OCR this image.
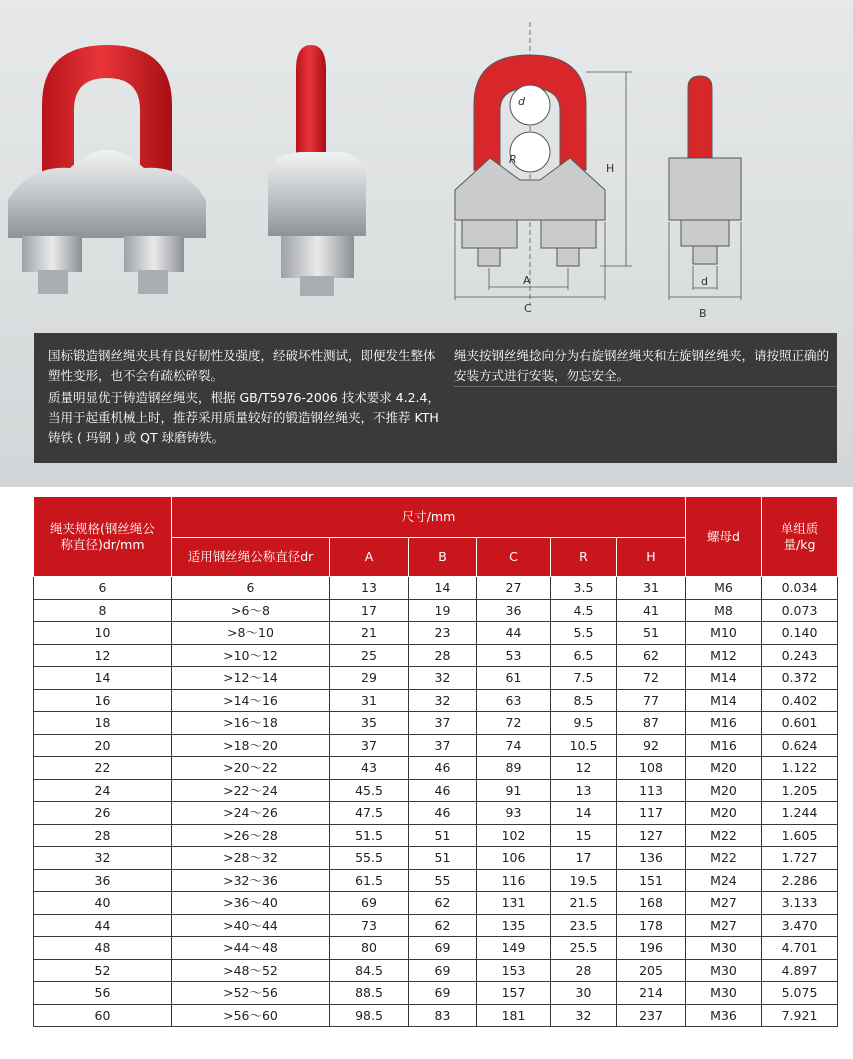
d
R
H
A
C
d
B

国标锻造钢丝绳夹具有良好韧性及强度，经破坏性测试，即便发生整体塑性变形，也不会有疏松碎裂。

质量明显优于铸造钢丝绳夹，根据 GB/T5976-2006 技术要求 4.2.4，当用于起重机械上时，推荐采用质量较好的锻造钢丝绳夹，不推荐 KTH 铸铁 ( 玛钢 ) 或 QT 球磨铸铁。

绳夹按钢丝绳捻向分为右旋钢丝绳夹和左旋钢丝绳夹，请按照正确的安装方式进行安装，勿忘安全。

绳夹规格(钢丝绳公称直径)dr/mm	尺寸/mm						螺母d	单组质量/kg
	适用钢丝绳公称直径dr	A	B	C	R	H		
6	6	13	14	27	3.5	31	M6	0.034
8	>6～8	17	19	36	4.5	41	M8	0.073
10	>8～10	21	23	44	5.5	51	M10	0.140
12	>10～12	25	28	53	6.5	62	M12	0.243
14	>12～14	29	32	61	7.5	72	M14	0.372
16	>14～16	31	32	63	8.5	77	M14	0.402
18	>16～18	35	37	72	9.5	87	M16	0.601
20	>18～20	37	37	74	10.5	92	M16	0.624
22	>20～22	43	46	89	12	108	M20	1.122
24	>22～24	45.5	46	91	13	113	M20	1.205
26	>24～26	47.5	46	93	14	117	M20	1.244
28	>26～28	51.5	51	102	15	127	M22	1.605
32	>28～32	55.5	51	106	17	136	M22	1.727
36	>32～36	61.5	55	116	19.5	151	M24	2.286
40	>36～40	69	62	131	21.5	168	M27	3.133
44	>40～44	73	62	135	23.5	178	M27	3.470
48	>44～48	80	69	149	25.5	196	M30	4.701
52	>48～52	84.5	69	153	28	205	M30	4.897
56	>52～56	88.5	69	157	30	214	M30	5.075
60	>56～60	98.5	83	181	32	237	M36	7.921
